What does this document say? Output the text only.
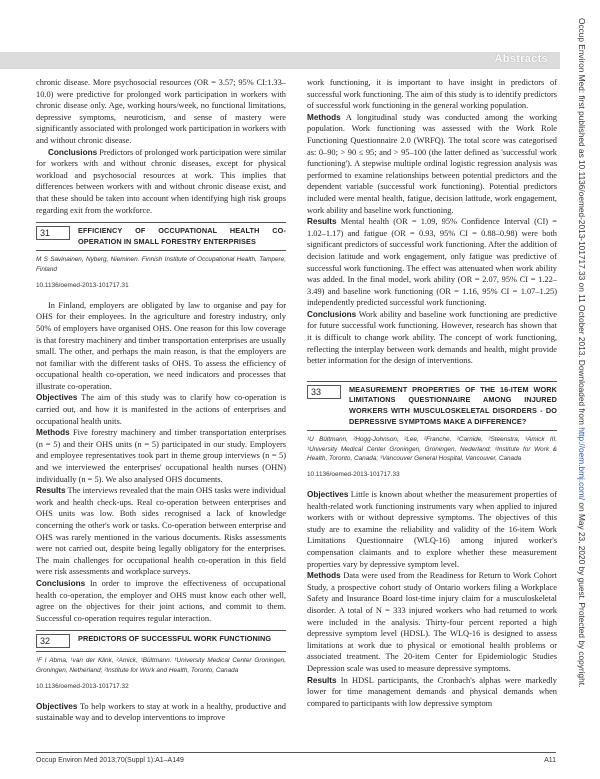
Abstracts	Occup Environ Med: first published as 10.1136/oemed-2013-101717.33 on 11 October 2013. Downloaded from http://oem.bmj.com/ on May 23, 2020 by guest. Protected by copyright.

chronic disease. More psychosocial resources (OR = 3.57; 95% CI:1.33–10.0) were predictive for prolonged work participation in workers with chronic disease only. Age, working hours/week, no functional limitations, depressive symptoms, neuroticism, and sense of mastery were significantly associated with prolonged work participation in workers with and without chronic disease.

Conclusions Predictors of prolonged work participation were similar for workers with and without chronic diseases, except for physical workload and psychosocial resources at work. This implies that differences between workers with and without chronic disease exist, and that these should be taken into account when identifying high risk groups regarding exit from the workforce.

31	EFFICIENCY OF OCCUPATIONAL HEALTH CO-OPERATION IN SMALL FORESTRY ENTERPRISES
M S Savinainen, Nyberg, Nieminen. Finnish Institute of Occupational Health, Tampere, Finland
10.1136/oemed-2013-101717.31

In Finland, employers are obligated by law to organise and pay for OHS for their employees. In the agriculture and forestry industry, only 50% of employers have organised OHS. One reason for this low coverage is that forestry machinery and timber transportation enterprises are usually small. The other, and perhaps the main reason, is that the employers are not familiar with the different tasks of OHS. To assess the efficiency of occupational health co-operation, we need indicators and processes that illustrate co-operation.

Objectives The aim of this study was to clarify how co-operation is carried out, and how it is manifested in the actions of enterprises and occupational health units.

Methods Five forestry machinery and timber transportation enterprises (n = 5) and their OHS units (n = 5) participated in our study. Employers and employee representatives took part in theme group interviews (n = 5) and we interviewed the enterprises' occupational health nurses (OHN) individually (n = 5). We also analysed OHS documents.

Results The interviews revealed that the main OHS tasks were individual work and health check-ups. Real co-operation between enterprises and OHS units was low. Both sides recognised a lack of knowledge concerning the other's work or tasks. Co-operation between enterprise and OHS was rarely mentioned in the various documents. Risks assessments were not carried out, despite being legally obligatory for the enterprises. The main challenges for occupational health co-operation in this field were risk assessments and workplace surveys.

Conclusions In order to improve the effectiveness of occupational health co-operation, the employer and OHS must know each other well, agree on the objectives for their joint actions, and commit to them. Successful co-operation requires regular interaction.

32	PREDICTORS OF SUCCESSFUL WORK FUNCTIONING
¹F I Abma, ¹van der Klink, ²Amick, ¹Bültmann. ¹University Medical Center Groningen, Groningen, Netherland; ²Institute for Work and Health, Toronto, Canada
10.1136/oemed-2013-101717.32

Objectives To help workers to stay at work in a healthy, productive and sustainable way and to develop interventions to improve

work functioning, it is important to have insight in predictors of successful work functioning. The aim of this study is to identify predictors of successful work functioning in the general working population.

Methods A longitudinal study was conducted among the working population. Work functioning was assessed with the Work Role Functioning Questionnaire 2.0 (WRFQ). The total score was categorised as: 0–90; > 90 ≤ 95; and > 95–100 (the latter defined as 'successful work functioning'). A stepwise multiple ordinal logistic regression analysis was performed to examine relationships between potential predictors and the dependent variable (successful work functioning). Potential predictors included were mental health, fatigue, decision latitude, work engagement, work ability and baseline work functioning.

Results Mental health (OR = 1.09, 95% Confidence Interval (CI) = 1.02–1.17) and fatigue (OR = 0.93, 95% CI = 0.88–0.98) were both significant predictors of successful work functioning. After the addition of decision latitude and work engagement, only fatigue was predictive of successful work functioning. The effect was attenuated when work ability was added. In the final model, work ability (OR = 2.07, 95% CI = 1.22–3.49) and baseline work functioning (OR = 1.16, 95% CI = 1.07–1.25) independently predicted successful work functioning.

Conclusions Work ability and baseline work functioning are predictive for future successful work functioning. However, research has shown that it is difficult to change work ability. The concept of work functioning, reflecting the interplay between work demands and health, might provide better information for the design of interventions.

33	MEASUREMENT PROPERTIES OF THE 16-ITEM WORK LIMITATIONS QUESTIONNAIRE AMONG INJURED WORKERS WITH MUSCULOSKELETAL DISORDERS - DO DEPRESSIVE SYMPTOMS MAKE A DIFFERENCE?
¹U Bültmann, ²Hogg-Johnson, ²Lee, ²Franche, ²Carnide, ²Steenstra, ³Amick III. ¹University Medical Center Groningen, Groningen, Nederland; ²Institute for Work & Health, Toronto, Canada; ³Vancouver General Hospital, Vancouver, Canada
10.1136/oemed-2013-101717.33

Objectives Little is known about whether the measurement properties of health-related work functioning instruments vary when applied to injured workers with or without depressive symptoms. The objectives of this study are to examine the reliability and validity of the 16-item Work Limitations Questionnaire (WLQ-16) among injured worker's compensation claimants and to explore whether these measurement properties vary by depressive symptom level.

Methods Data were used from the Readiness for Return to Work Cohort Study, a prospective cohort study of Ontario workers filing a Workplace Safety and Insurance Board lost-time injury claim for a musculoskeletal disorder. A total of N = 333 injured workers who had returned to work were included in the analysis. Thirty-four percent reported a high depressive symptom level (HDSL). The WLQ-16 is designed to assess limitations at work due to physical or emotional health problems or associated treatment. The 20-item Center for Epidemiologic Studies Depression scale was used to measure depressive symptoms.

Results In HDSL participants, the Cronbach's alphas were markedly lower for time management demands and physical demands when compared to participants with low depressive symptom

Occup Environ Med 2013;70(Suppl 1):A1–A149	A11
